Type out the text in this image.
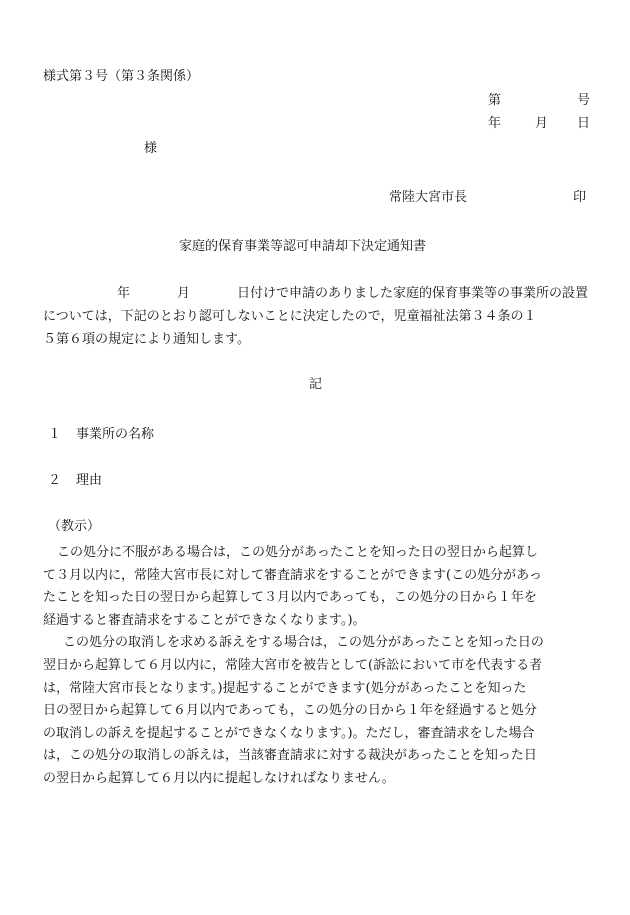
様式第３号（第３条関係）
第	号
年	月 日
様
常陸大宮市長	印
家庭的保育事業等認可申請却下決定通知書
年	月	日付けで申請のありました家庭的保育事業等の事業所の設置
については，下記のとおり認可しないことに決定したので，児童福祉法第３４条の１
５第６項の規定により通知します。
記
１ 事業所の名称
２ 理由
（教示）
この処分に不服がある場合は，この処分があったことを知った日の翌日から起算し
て３月以内に，常陸大宮市長に対して審査請求をすることができます(この処分があっ
たことを知った日の翌日から起算して３月以内であっても，この処分の日から１年を
経過すると審査請求をすることができなくなります。)。
この処分の取消しを求める訴えをする場合は，この処分があったことを知った日の
翌日から起算して６月以内に，常陸大宮市を被告として(訴訟において市を代表する者
は，常陸大宮市長となります。)提起することができます(処分があったことを知った
日の翌日から起算して６月以内であっても，この処分の日から１年を経過すると処分
の取消しの訴えを提起することができなくなります。)。ただし，審査請求をした場合
は，この処分の取消しの訴えは，当該審査請求に対する裁決があったことを知った日
の翌日から起算して６月以内に提起しなければなりません。
